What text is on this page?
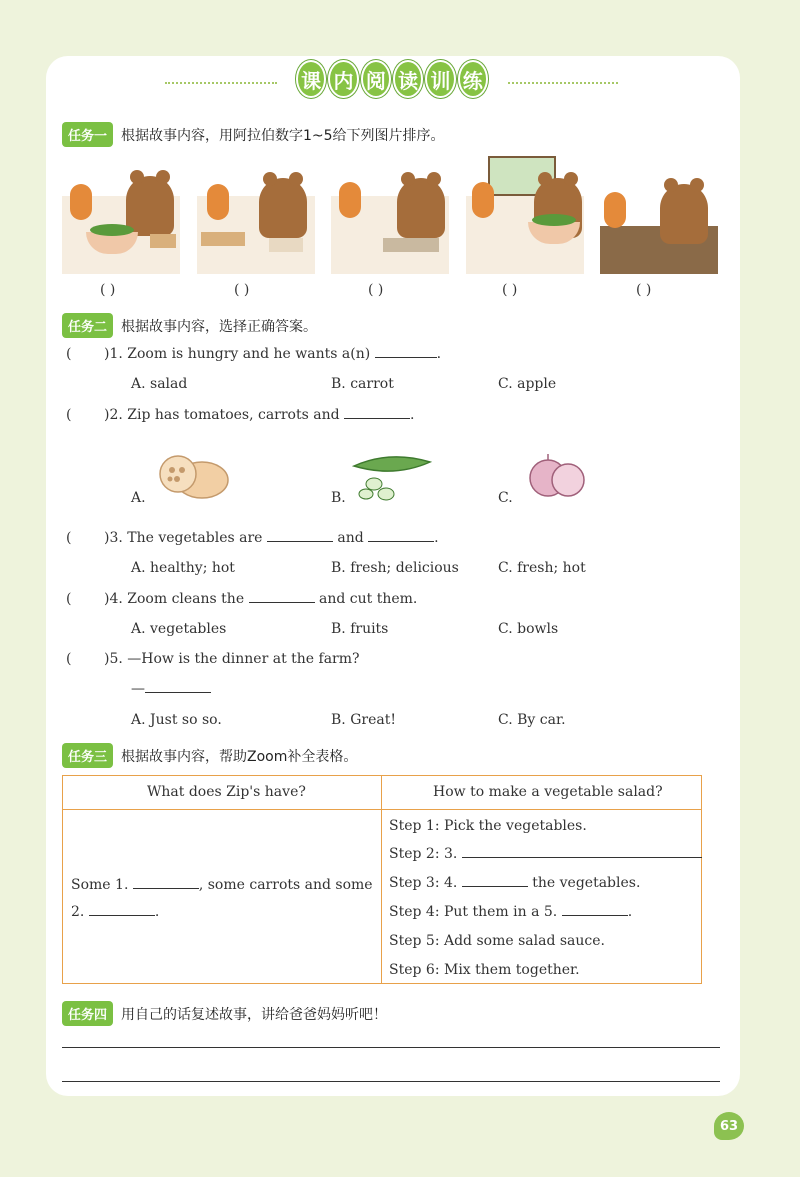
课 内 阅 读 训 练
任务一	根据故事内容，用阿拉伯数字1~5给下列图片排序。
( )	( )	( )	( )	( )
任务二	根据故事内容，选择正确答案。
( )1. Zoom is hungry and he wants a(n)	.
A. salad	B. carrot	C. apple
( )2. Zip has tomatoes, carrots and	.
A.	B.	C.
( )3. The vegetables are	and	.
A. healthy; hot	B. fresh; delicious	C. fresh; hot
( )4. Zoom cleans the	and cut them.
A. vegetables	B. fruits	C. bowls
( )5. —How is the dinner at the farm?
—
A. Just so so.	B. Great!	C. By car.
任务三	根据故事内容，帮助Zoom补全表格。
What does Zip's have?	How to make a vegetable salad?
Some 1.	, some carrots and some
2.	.
Step 1: Pick the vegetables.
Step 2: 3.
Step 3: 4.	the vegetables.
Step 4: Put them in a 5.	.
Step 5: Add some salad sauce.
Step 6: Mix them together.
任务四	用自己的话复述故事，讲给爸爸妈妈听吧！
63
